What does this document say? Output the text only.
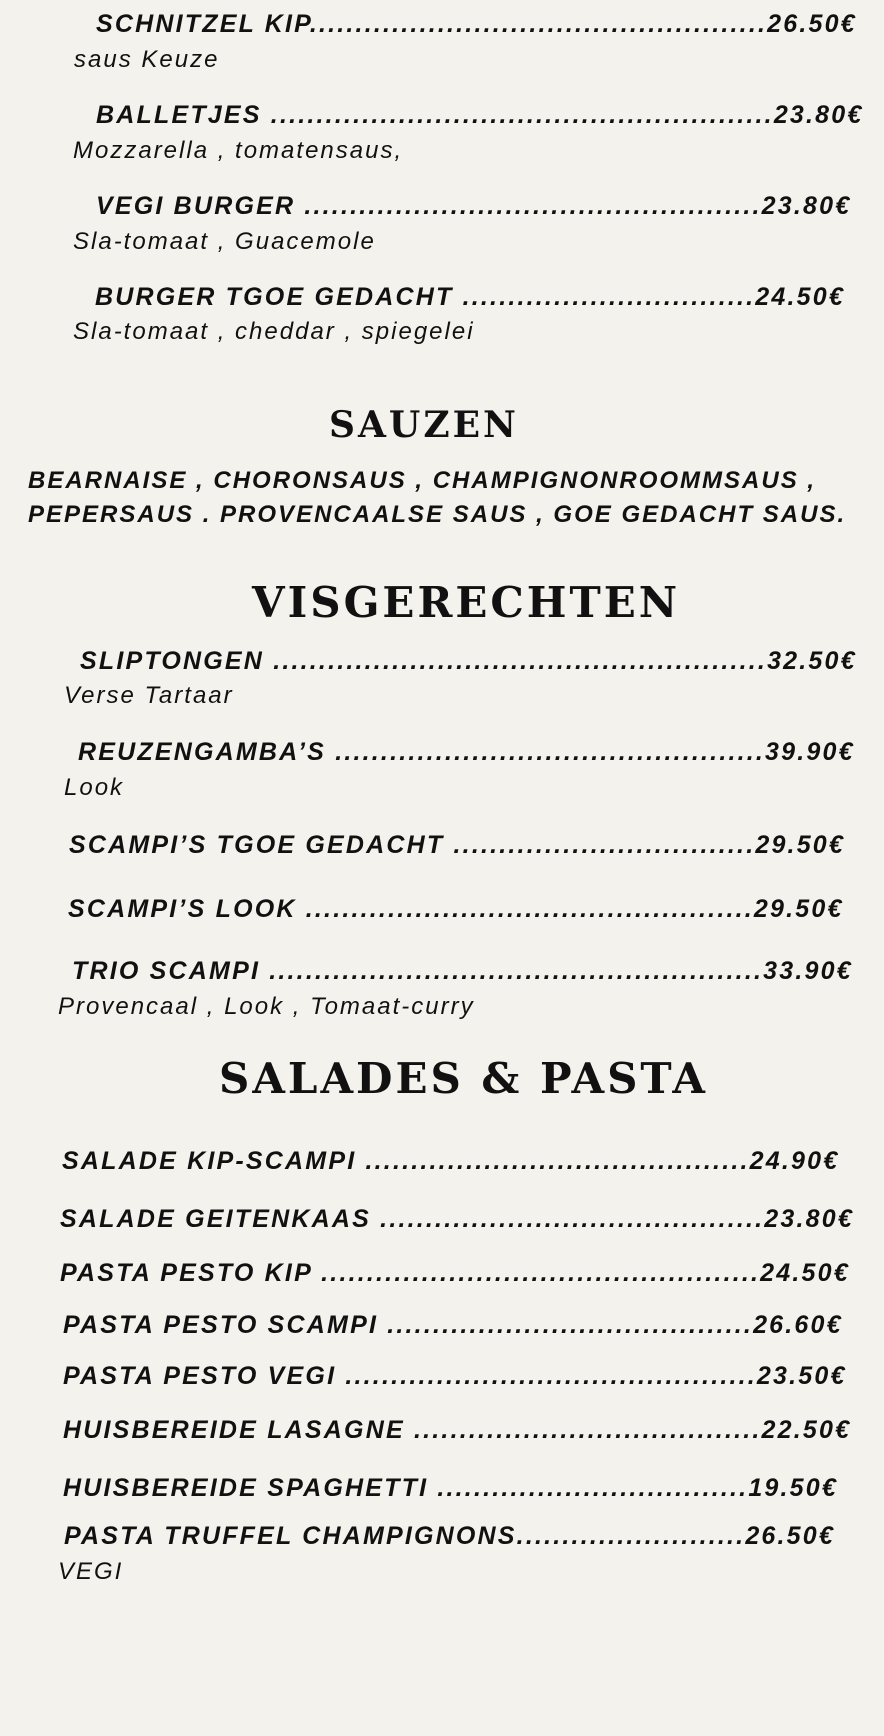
SCHNITZEL KIP..................................................26.50€
saus Keuze
BALLETJES .......................................................23.80€
Mozzarella , tomatensaus,
VEGI BURGER ..................................................23.80€
Sla-tomaat , Guacemole
BURGER TGOE GEDACHT ................................24.50€
Sla-tomaat , cheddar , spiegelei
SAUZEN
BEARNAISE , CHORONSAUS , CHAMPIGNONROOMMSAUS ,
PEPERSAUS . PROVENCAALSE SAUS , GOE GEDACHT SAUS.
VISGERECHTEN
SLIPTONGEN ......................................................32.50€
Verse Tartaar
REUZENGAMBA’S ...............................................39.90€
Look
SCAMPI’S TGOE GEDACHT .................................29.50€
SCAMPI’S LOOK .................................................29.50€
TRIO SCAMPI ......................................................33.90€
Provencaal , Look , Tomaat-curry
SALADES & PASTA
SALADE KIP-SCAMPI ..........................................24.90€
SALADE GEITENKAAS ..........................................23.80€
PASTA PESTO KIP ................................................24.50€
PASTA PESTO SCAMPI ........................................26.60€
PASTA PESTO VEGI .............................................23.50€
HUISBEREIDE LASAGNE ......................................22.50€
HUISBEREIDE SPAGHETTI ..................................19.50€
PASTA TRUFFEL CHAMPIGNONS.........................26.50€
VEGI
